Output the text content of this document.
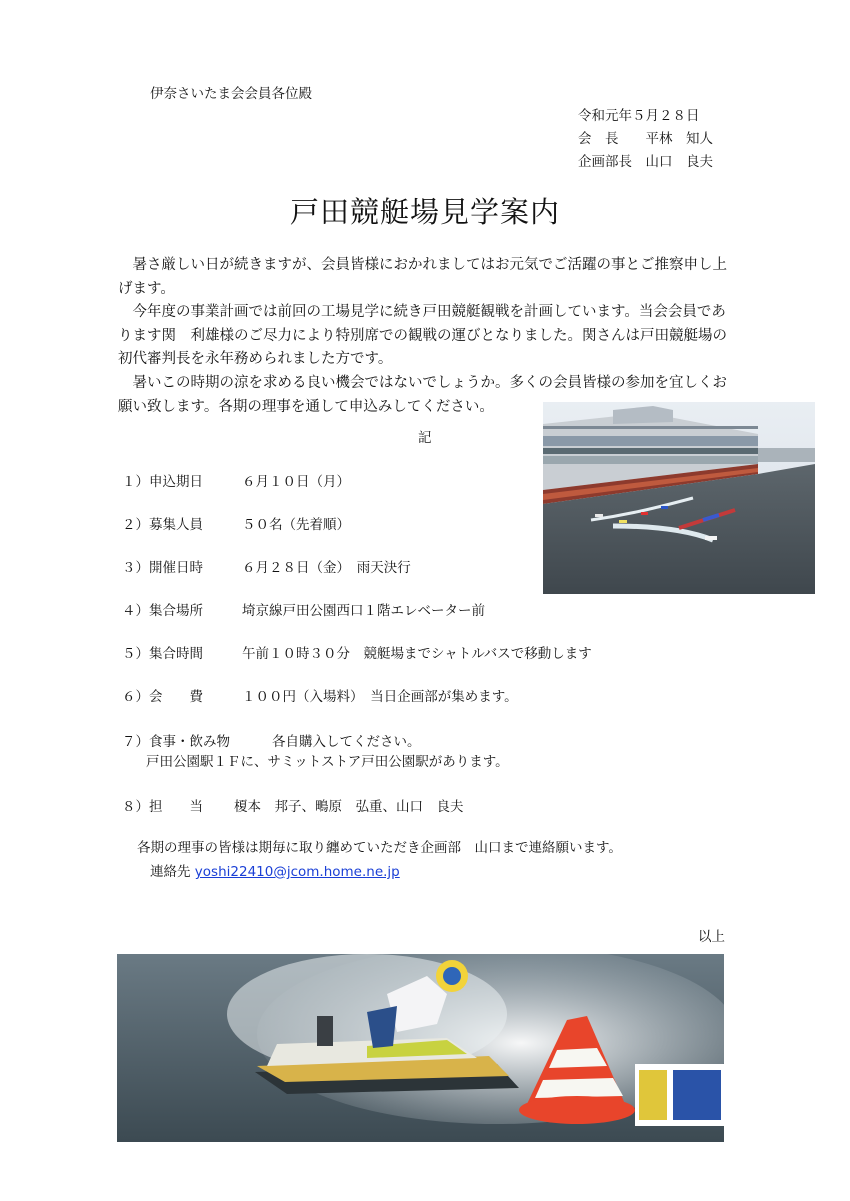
伊奈さいたま会会員各位殿
令和元年５月２８日
会　長　　平林　知人
企画部長　山口　良夫
戸田競艇場見学案内

暑さ厳しい日が続きますが、会員皆様におかれましてはお元気でご活躍の事とご推察申し上げます。

今年度の事業計画では前回の工場見学に続き戸田競艇観戦を計画しています。当会会員であります関　利雄様のご尽力により特別席での観戦の運びとなりました。関さんは戸田競艇場の初代審判長を永年務められました方です。

暑いこの時期の涼を求める良い機会ではないでしょうか。多くの会員皆様の参加を宜しくお願い致します。各期の理事を通して申込みしてください。

記
１）申込期日	６月１０日（月）
２）募集人員	５０名（先着順）
３）開催日時	６月２８日（金）　雨天決行
４）集合場所	埼京線戸田公園西口１階エレベーター前
５）集合時間	午前１０時３０分　競艇場までシャトルバスで移動します
６）会　　費	１００円（入場料）　当日企画部が集めます。
７）食事・飲み物	各自購入してください。
戸田公園駅１Ｆに、サミットストア戸田公園駅があります。
８）担　　当 榎本　邦子、鴫原　弘重、山口　良夫
各期の理事の皆様は期毎に取り纏めていただき企画部　山口まで連絡願います。
連絡先 yoshi22410@jcom.home.ne.jp
以上
